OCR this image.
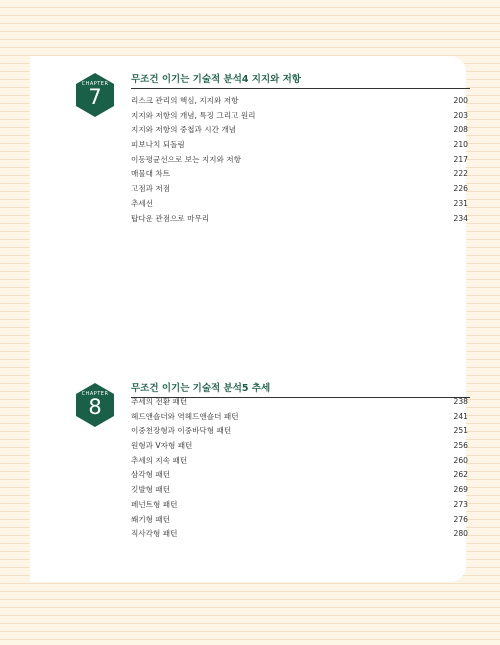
CHAPTER
7
무조건 이기는 기술적 분석4 지지와 저항
리스크 관리의 핵심, 지지와 저항	200
지지와 저항의 개념, 특징 그리고 원리	203
지지와 저항의 중첩과 시간 개념	208
피보나치 되돌림	210
이동평균선으로 보는 지지와 저항	217
매물대 차트	222
고점과 저점	226
추세선	231
탑다운 관점으로 마무리	234
CHAPTER
8
무조건 이기는 기술적 분석5 추세
추세의 전환 패턴	238
헤드앤숄더와 역헤드앤숄더 패턴	241
이중천장형과 이중바닥형 패턴	251
원형과 V자형 패턴	256
추세의 지속 패턴	260
삼각형 패턴	262
깃발형 패턴	269
페넌트형 패턴	273
쐐기형 패턴	276
직사각형 패턴	280
